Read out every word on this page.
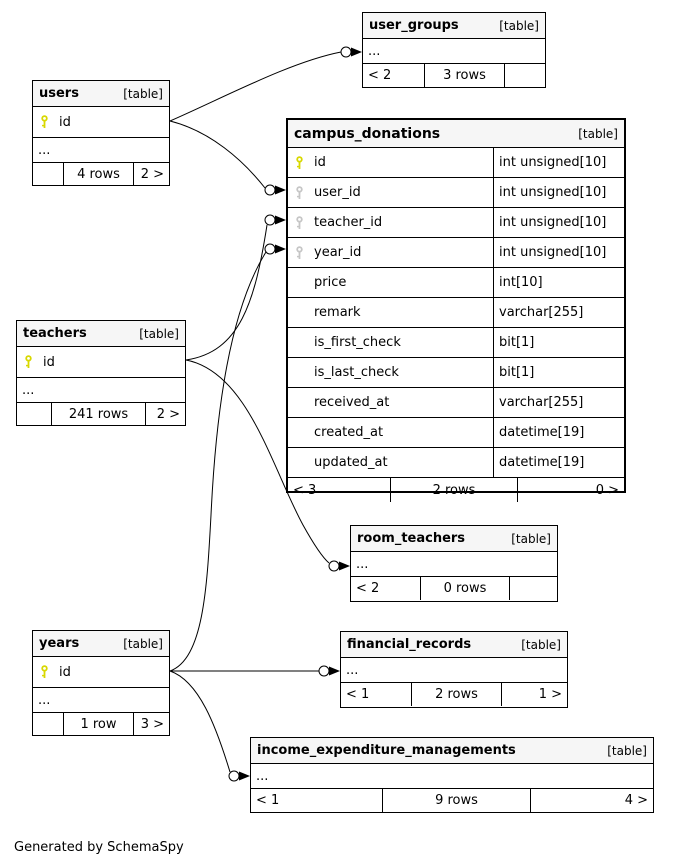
user_groups	[table]
...
< 2	3 rows
users	[table]
id
...
4 rows	2 >
campus_donations	[table]
id	int unsigned[10]
user_id	int unsigned[10]
teacher_id	int unsigned[10]
year_id	int unsigned[10]
price	int[10]
remark	varchar[255]
is_first_check	bit[1]
is_last_check	bit[1]
received_at	varchar[255]
created_at	datetime[19]
updated_at	datetime[19]
< 3	2 rows	0 >
teachers	[table]
id
...
241 rows	2 >
room_teachers	[table]
...
< 2	0 rows
years	[table]
id
...
1 row	3 >
financial_records	[table]
...
< 1	2 rows	1 >
income_expenditure_managements	[table]
...
< 1	9 rows	4 >
Generated by SchemaSpy
